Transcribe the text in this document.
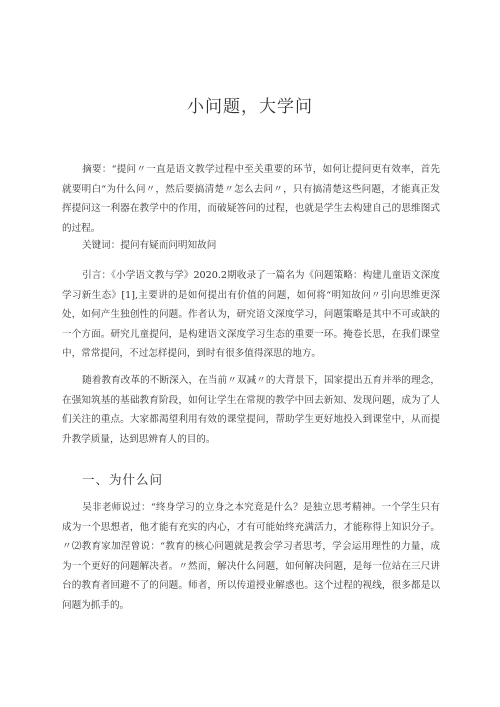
小问题，大学问
摘要：“提问〃一直是语文教学过程中至关重要的环节，如何让提问更有效率，首先就要明白“为什么问〃，然后要搞清楚〃怎么去问〃，只有搞清楚这些问题，才能真正发挥提问这一利器在教学中的作用，而破疑答问的过程，也就是学生去构建自己的思维图式的过程。
关键词：提问有疑而问明知故问
引言：《小学语文教与学》2020.2期收录了一篇名为《问题策略：构建儿童语文深度学习新生态》[1],主要讲的是如何提出有价值的问题，如何将“明知故问〃引向思维更深处，如何产生独创性的问题。作者认为，研究语文深度学习，问题策略是其中不可或缺的一个方面。研究儿童提问，是构建语文深度学习生态的重要一环。掩卷长思，在我们课堂中，常常提问，不过怎样提问，到时有很多值得深思的地方。
随着教育改革的不断深入，在当前〃双减〃的大背景下，国家提出五育并举的理念，在强知筑基的基础教育阶段，如何让学生在常规的教学中回去新知、发现问题，成为了人们关注的重点。大家都渴望利用有效的课堂提问，帮助学生更好地投入到课堂中，从而提升教学质量，达到思辨育人的目的。
一、为什么问
吴非老师说过：“终身学习的立身之本究竟是什么？是独立思考精神。一个学生只有成为一个思想者，他才能有充实的内心，才有可能始终充满活力，才能称得上知识分子。〃⑵教育家加涅曾说：“教育的核心问题就是教会学习者思考，学会运用理性的力量，成为一个更好的问题解决者。〃然而，解决什么问题，如何解决问题，是每一位站在三尺讲台的教育者回避不了的问题。师者，所以传道授业解惑也。这个过程的视线，很多都是以问题为抓手的。
